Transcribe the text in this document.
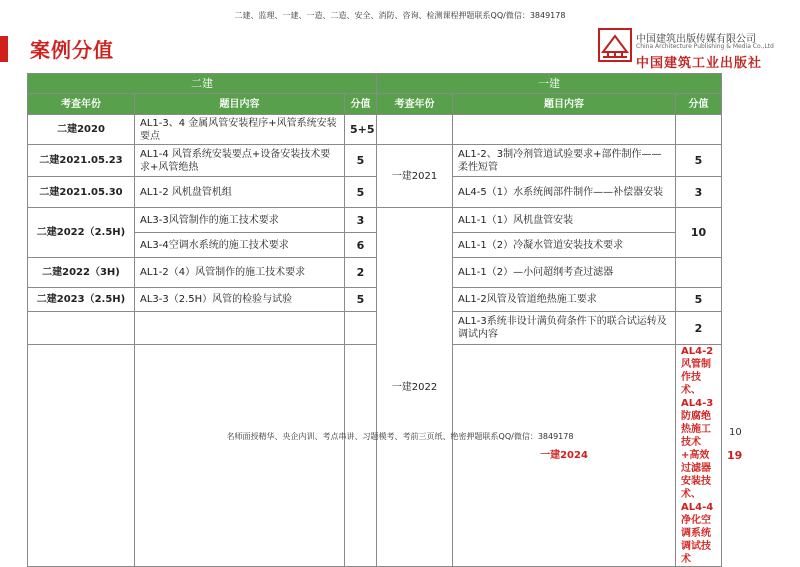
二建、监理、一建、一造、二造、安全、消防、咨询、检测课程押题联系QQ/微信：3849178
案例分值	中国建筑出版传媒有限公司
China Architecture Publishing & Media Co.,Ltd
中国建筑工业出版社
二建			一建			
考查年份	题目内容	分值	考查年份	题目内容	分值	
二建2020	AL1-3、4 金属风管安装程序+风管系统安装要点	5+5				
二建2021.05.23	AL1-4 风管系统安装要点+设备安装技术要求+风管绝热	5	一建2021	AL1-2、3制冷剂管道试验要求+部件制作——柔性短管	5	
二建2021.05.30	AL1-2 风机盘管机组	5		AL4-5（1）水系统阀部件制作——补偿器安装	3	
二建2022（2.5H)	AL3-3风管制作的施工技术要求	3	一建2022	AL1-1（1）风机盘管安装	10	
	AL3-4空调水系统的施工技术要求	6		AL1-1（2）冷凝水管道安装技术要求		
二建2022（3H)	AL1-2（4）风管制作的施工技术要求	2		AL1-1（2）—小问超纲考查过滤器		
二建2023（2.5H)	AL3-3（2.5H）风管的检验与试验	5		AL1-2风管及管道绝热施工要求	5	
				AL1-3系统非设计满负荷条件下的联合试运转及调试内容	2	
				一建2024	AL4-2风管制作技术、AL4-3防腐绝热施工技术+高效过滤器安装技术、AL4-4净化空调系统调试技术	19
10
名师面授精华、央企内训、考点串讲、习题模考、考前三页纸、绝密押题联系QQ/微信：3849178
